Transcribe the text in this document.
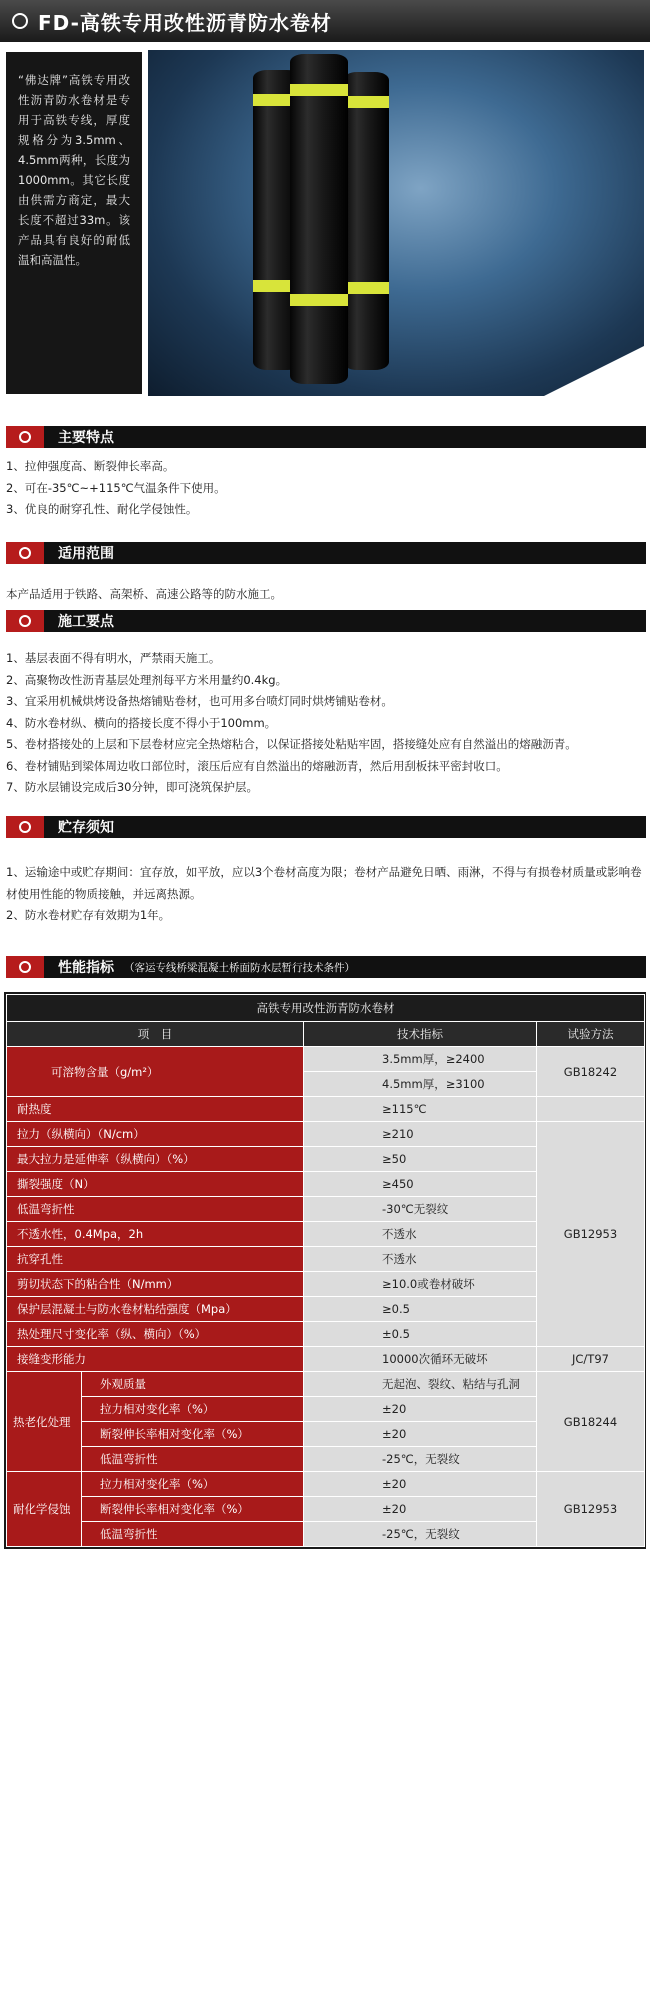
FD-高铁专用改性沥青防水卷材
“佛达牌”高铁专用改性沥青防水卷材是专用于高铁专线，厚度规格分为3.5mm、4.5mm两种，长度为1000mm。其它长度由供需方商定，最大长度不超过33m。该产品具有良好的耐低温和高温性。
主要特点
1、拉伸强度高、断裂伸长率高。
2、可在-35℃~+115℃气温条件下使用。
3、优良的耐穿孔性、耐化学侵蚀性。
适用范围
本产品适用于铁路、高架桥、高速公路等的防水施工。
施工要点
1、基层表面不得有明水，严禁雨天施工。
2、高聚物改性沥青基层处理剂每平方米用量约0.4kg。
3、宜采用机械烘烤设备热熔铺贴卷材，也可用多台喷灯同时烘烤铺贴卷材。
4、防水卷材纵、横向的搭接长度不得小于100mm。
5、卷材搭接处的上层和下层卷材应完全热熔粘合，以保证搭接处粘贴牢固，搭接缝处应有自然溢出的熔融沥青。
6、卷材铺贴到梁体周边收口部位时，滚压后应有自然溢出的熔融沥青，然后用刮板抹平密封收口。
7、防水层铺设完成后30分钟，即可浇筑保护层。
贮存须知
1、运输途中或贮存期间：宜存放，如平放，应以3个卷材高度为限；卷材产品避免日晒、雨淋，不得与有损卷材质量或影响卷材使用性能的物质接触，并远离热源。
2、防水卷材贮存有效期为1年。
性能指标 （客运专线桥梁混凝土桥面防水层暂行技术条件）
高铁专用改性沥青防水卷材			
项　目		技术指标	试验方法
可溶物含量（g/m²）		3.5mm厚，≥2400	GB18242
		4.5mm厚，≥3100	
耐热度		≥115℃	
拉力（纵横向）（N/cm）		≥210	GB12953
最大拉力是延伸率（纵横向）（%）		≥50	
撕裂强度（N）		≥450	
低温弯折性		-30℃无裂纹	
不透水性，0.4Mpa，2h		不透水	
抗穿孔性		不透水	
剪切状态下的粘合性（N/mm）		≥10.0或卷材破坏	
保护层混凝土与防水卷材粘结强度（Mpa）		≥0.5	
热处理尺寸变化率（纵、横向）（%）		±0.5	
接缝变形能力		10000次循环无破坏	JC/T97
热老化处理	外观质量	无起泡、裂纹、粘结与孔洞	GB18244
	拉力相对变化率（%）	±20	
	断裂伸长率相对变化率（%）	±20	
	低温弯折性	-25℃，无裂纹	
耐化学侵蚀	拉力相对变化率（%）	±20	GB12953
	断裂伸长率相对变化率（%）	±20	
	低温弯折性	-25℃，无裂纹	
